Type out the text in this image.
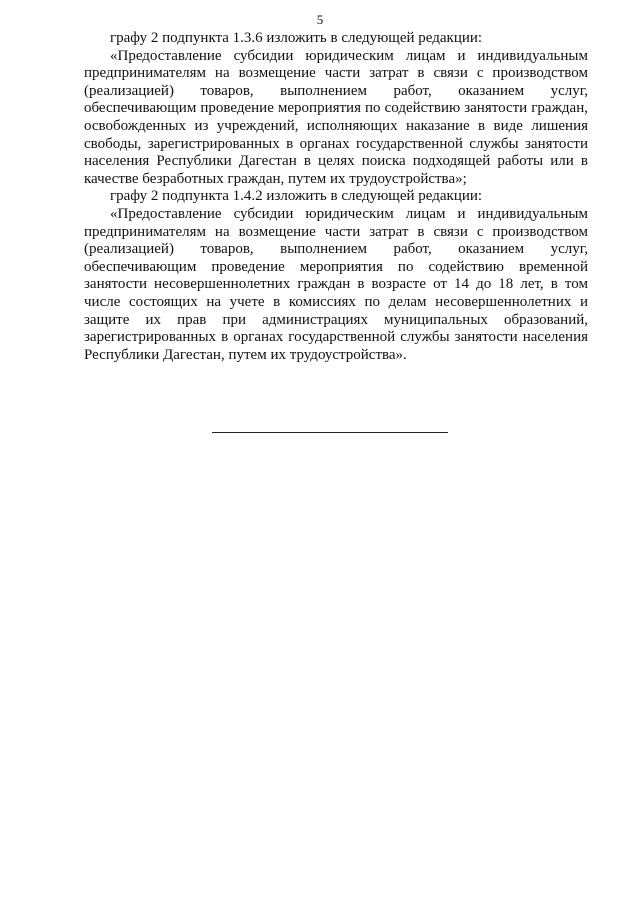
5

графу 2 подпункта 1.3.6 изложить в следующей редакции:

«Предоставление субсидии юридическим лицам и индивидуальным предпринимателям на возмещение части затрат в связи с производством (реализацией) товаров, выполнением работ, оказанием услуг, обеспечивающим проведение мероприятия по содействию занятости граждан, освобожденных из учреждений, исполняющих наказание в виде лишения свободы, зарегистрированных в органах государственной службы занятости населения Республики Дагестан в целях поиска подходящей работы или в качестве безработных граждан, путем их трудоустройства»;

графу 2 подпункта 1.4.2 изложить в следующей редакции:

«Предоставление субсидии юридическим лицам и индивидуальным предпринимателям на возмещение части затрат в связи с производством (реализацией) товаров, выполнением работ, оказанием услуг, обеспечивающим проведение мероприятия по содействию временной занятости несовершеннолетних граждан в возрасте от 14 до 18 лет, в том числе состоящих на учете в комиссиях по делам несовершеннолетних и защите их прав при администрациях муниципальных образований, зарегистрированных в органах государственной службы занятости населения Республики Дагестан, путем их трудоустройства».
